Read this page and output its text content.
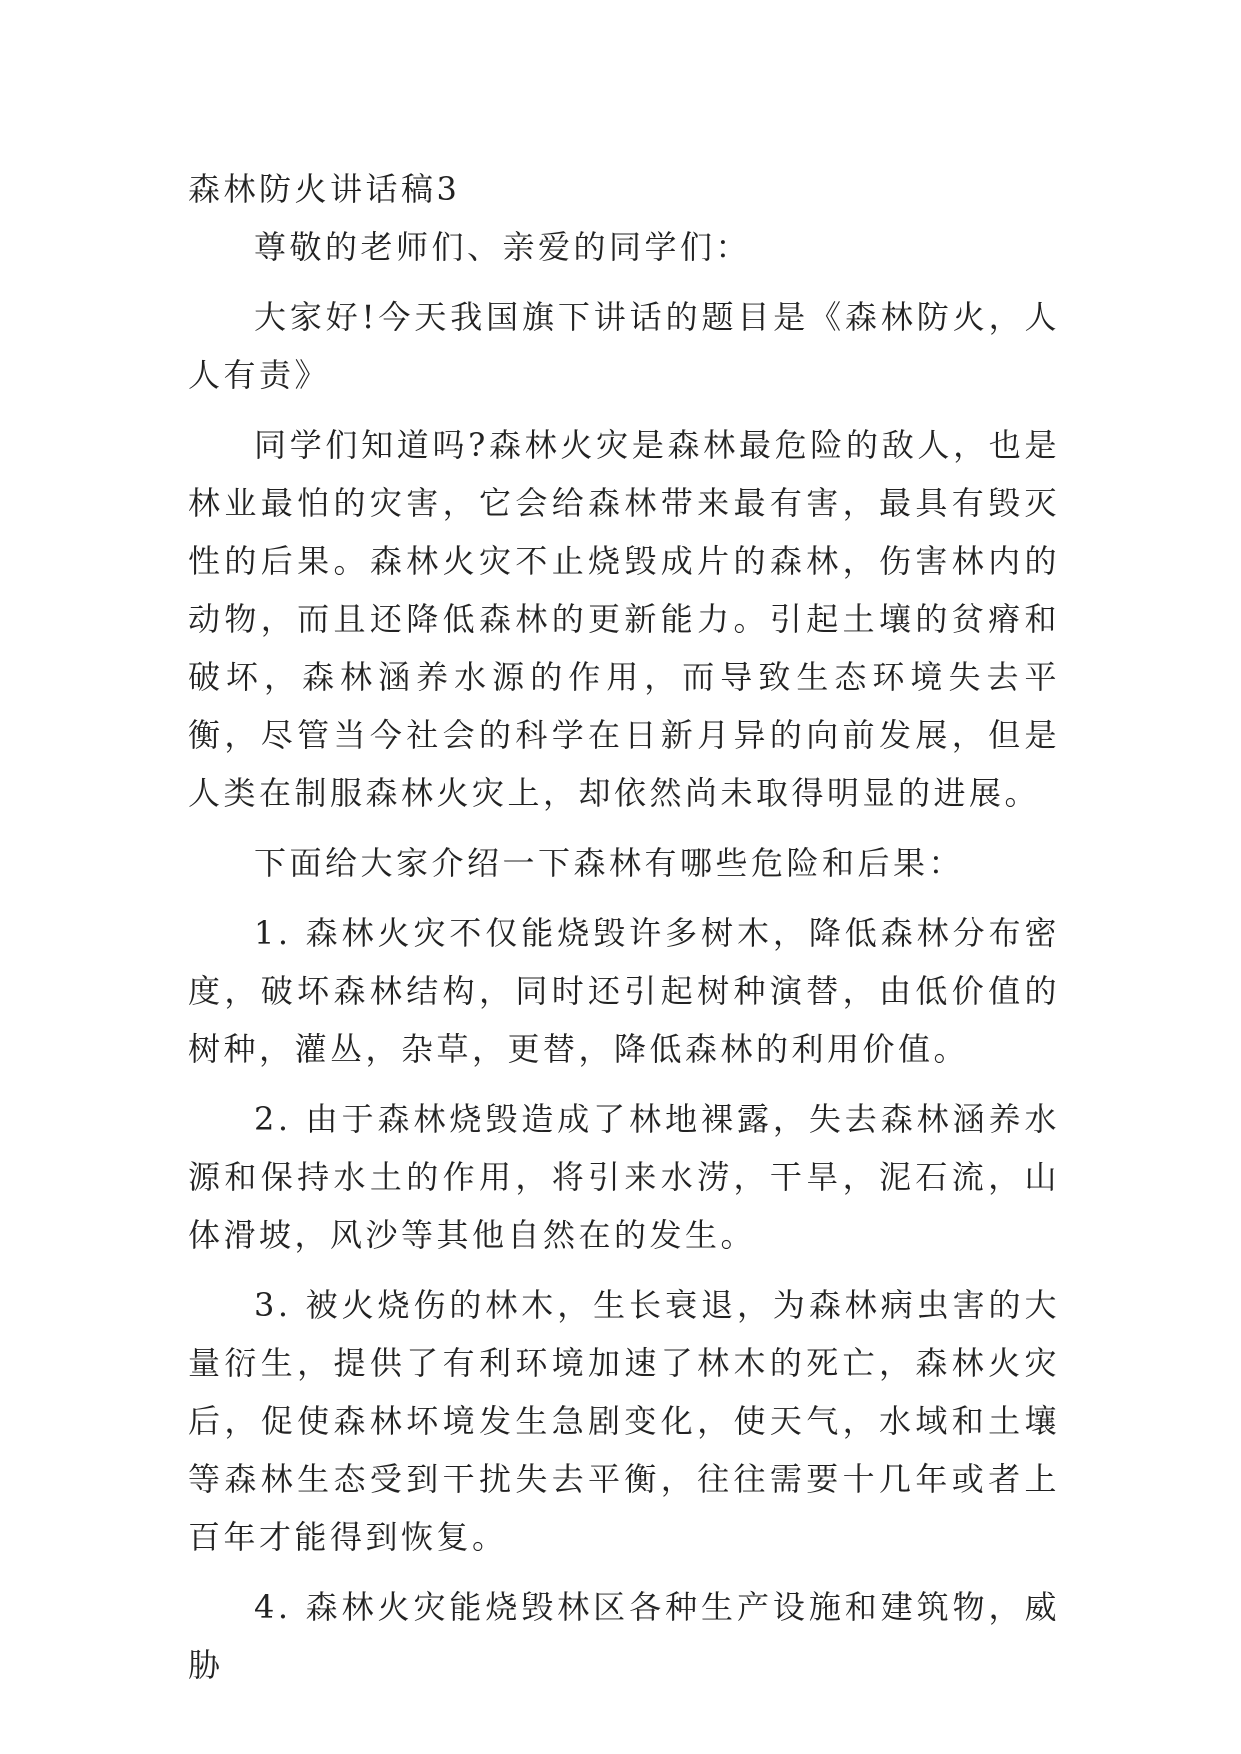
森林防火讲话稿3

尊敬的老师们、亲爱的同学们：

大家好!今天我国旗下讲话的题目是《森林防火，人人有责》

同学们知道吗?森林火灾是森林最危险的敌人，也是林业最怕的灾害，它会给森林带来最有害，最具有毁灭性的后果。森林火灾不止烧毁成片的森林，伤害林内的动物，而且还降低森林的更新能力。引起土壤的贫瘠和破坏，森林涵养水源的作用，而导致生态环境失去平衡，尽管当今社会的科学在日新月异的向前发展，但是人类在制服森林火灾上，却依然尚未取得明显的进展。

下面给大家介绍一下森林有哪些危险和后果：

1. 森林火灾不仅能烧毁许多树木，降低森林分布密度，破坏森林结构，同时还引起树种演替，由低价值的树种，灌丛，杂草，更替，降低森林的利用价值。

2. 由于森林烧毁造成了林地裸露，失去森林涵养水源和保持水土的作用，将引来水涝，干旱，泥石流，山体滑坡，风沙等其他自然在的发生。

3. 被火烧伤的林木，生长衰退，为森林病虫害的大量衍生，提供了有利环境加速了林木的死亡，森林火灾后，促使森林坏境发生急剧变化，使天气，水域和土壤等森林生态受到干扰失去平衡，往往需要十几年或者上百年才能得到恢复。

4. 森林火灾能烧毁林区各种生产设施和建筑物，威胁
